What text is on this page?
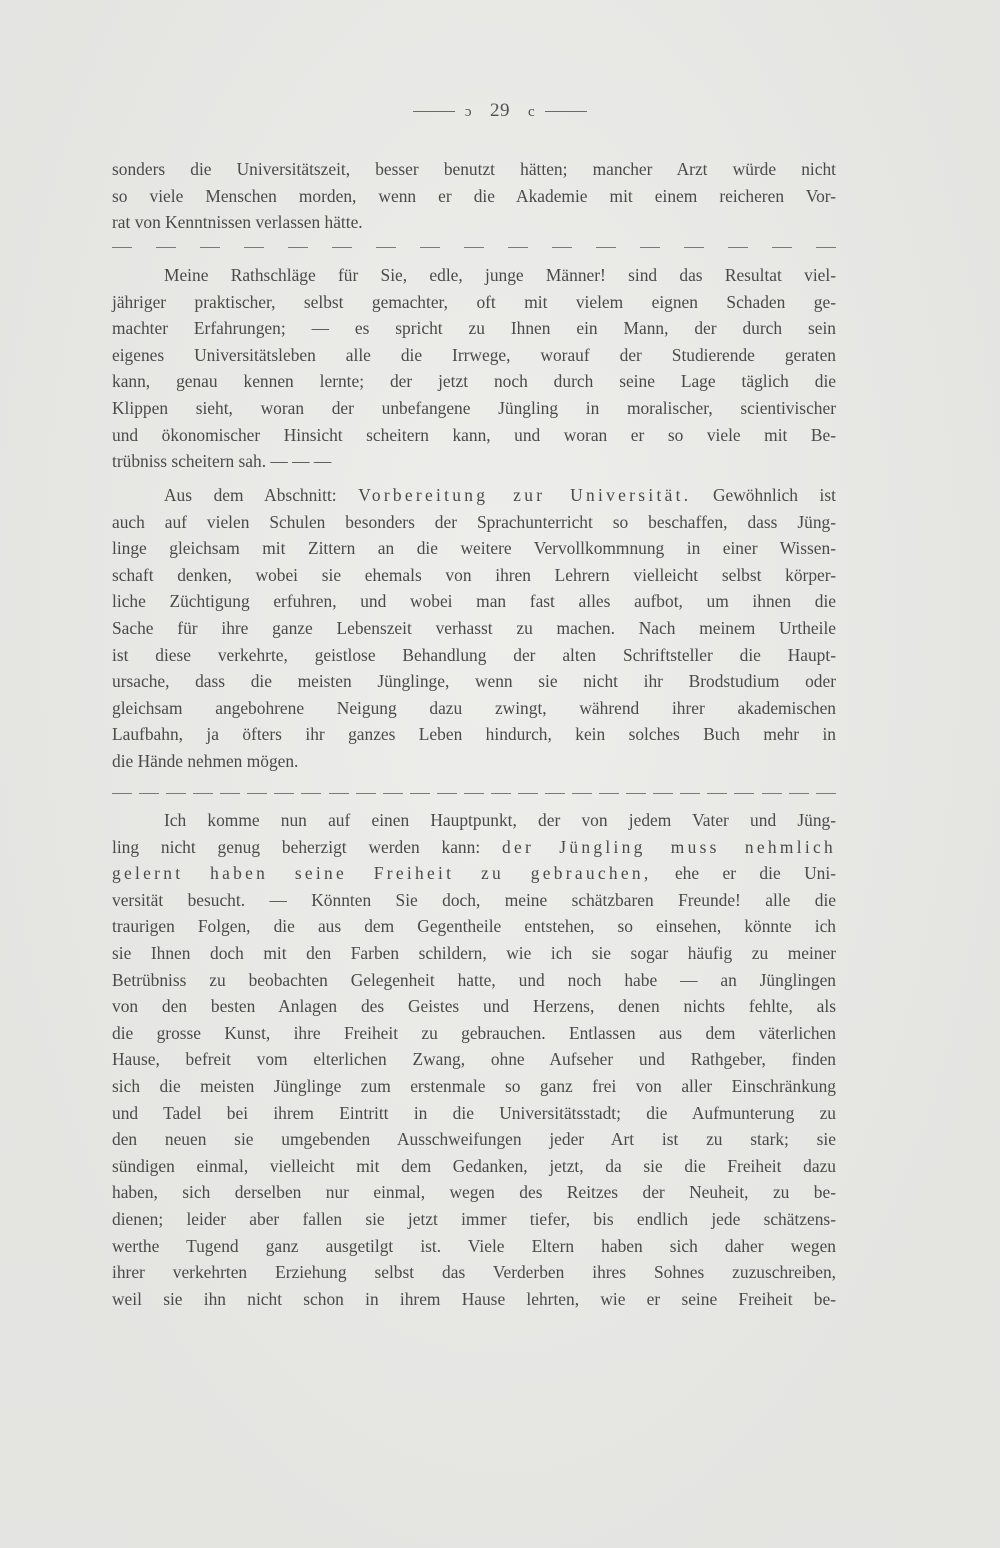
ɔ 29 c

sonders die Universitätszeit, besser benutzt hätten; mancher Arzt würde nicht

so viele Menschen morden, wenn er die Akademie mit einem reicheren Vor-

rat von Kenntnissen verlassen hätte.

Meine Rathschläge für Sie, edle, junge Männer! sind das Resultat viel-

jähriger praktischer, selbst gemachter, oft mit vielem eignen Schaden ge-

machter Erfahrungen; — es spricht zu Ihnen ein Mann, der durch sein

eigenes Universitätsleben alle die Irrwege, worauf der Studierende geraten

kann, genau kennen lernte; der jetzt noch durch seine Lage täglich die

Klippen sieht, woran der unbefangene Jüngling in moralischer, scientivischer

und ökonomischer Hinsicht scheitern kann, und woran er so viele mit Be-

trübniss scheitern sah. — — —

Aus dem Abschnitt: Vorbereitung zur Universität. Gewöhnlich ist

auch auf vielen Schulen besonders der Sprachunterricht so beschaffen, dass Jüng-

linge gleichsam mit Zittern an die weitere Vervollkommnung in einer Wissen-

schaft denken, wobei sie ehemals von ihren Lehrern vielleicht selbst körper-

liche Züchtigung erfuhren, und wobei man fast alles aufbot, um ihnen die

Sache für ihre ganze Lebenszeit verhasst zu machen. Nach meinem Urtheile

ist diese verkehrte, geistlose Behandlung der alten Schriftsteller die Haupt-

ursache, dass die meisten Jünglinge, wenn sie nicht ihr Brodstudium oder

gleichsam angebohrene Neigung dazu zwingt, während ihrer akademischen

Laufbahn, ja öfters ihr ganzes Leben hindurch, kein solches Buch mehr in

die Hände nehmen mögen.

Ich komme nun auf einen Hauptpunkt, der von jedem Vater und Jüng-

ling nicht genug beherzigt werden kann: der Jüngling muss nehmlich

gelernt haben seine Freiheit zu gebrauchen, ehe er die Uni-

versität besucht. — Könnten Sie doch, meine schätzbaren Freunde! alle die

traurigen Folgen, die aus dem Gegentheile entstehen, so einsehen, könnte ich

sie Ihnen doch mit den Farben schildern, wie ich sie sogar häufig zu meiner

Betrübniss zu beobachten Gelegenheit hatte, und noch habe — an Jünglingen

von den besten Anlagen des Geistes und Herzens, denen nichts fehlte, als

die grosse Kunst, ihre Freiheit zu gebrauchen. Entlassen aus dem väterlichen

Hause, befreit vom elterlichen Zwang, ohne Aufseher und Rathgeber, finden

sich die meisten Jünglinge zum erstenmale so ganz frei von aller Einschränkung

und Tadel bei ihrem Eintritt in die Universitätsstadt; die Aufmunterung zu

den neuen sie umgebenden Ausschweifungen jeder Art ist zu stark; sie

sündigen einmal, vielleicht mit dem Gedanken, jetzt, da sie die Freiheit dazu

haben, sich derselben nur einmal, wegen des Reitzes der Neuheit, zu be-

dienen; leider aber fallen sie jetzt immer tiefer, bis endlich jede schätzens-

werthe Tugend ganz ausgetilgt ist. Viele Eltern haben sich daher wegen

ihrer verkehrten Erziehung selbst das Verderben ihres Sohnes zuzuschreiben,

weil sie ihn nicht schon in ihrem Hause lehrten, wie er seine Freiheit be-
